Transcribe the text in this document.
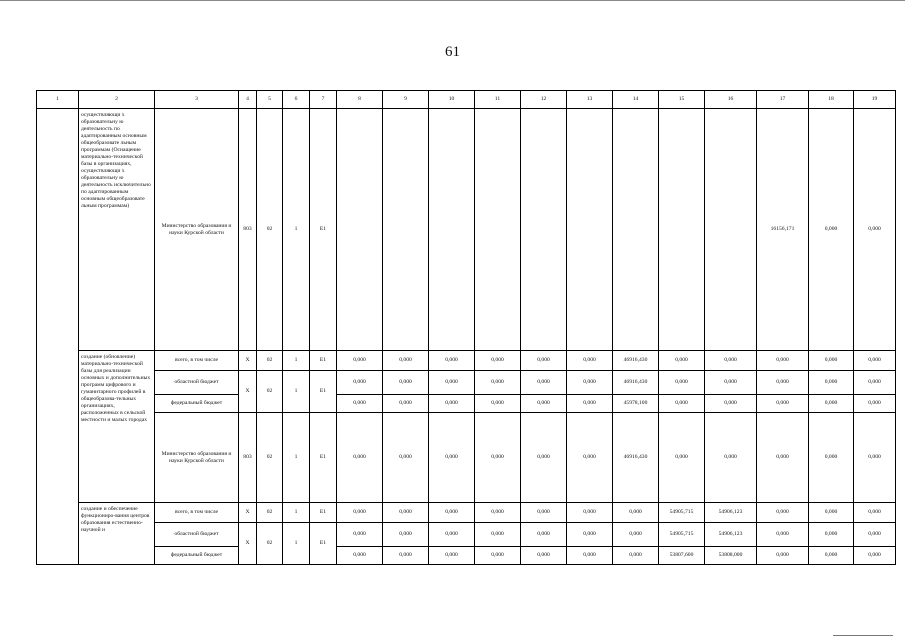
61
1	2	3	4	5	6	7	8	9	10	11	12	13	14	15	16	17	18	19
	осуществляющи х образовательну ю деятельность по адаптированным основным общеобразовате льным программам (Оснащение материально-технической базы в организациях, осуществляющи х образовательну ю деятельность исключительно по адаптированным основным общеобразовате льным программам)	Министерство образования и науки Курской области	803	02	1	Е1										16156,171	0,000	0,000
	создание (обновление) материально-технической базы для реализации основных и дополнительных программ цифрового и гуманитарного профилей в общеобразова-тельных организациях, расположенных в сельской местности и малых городах	всего, в том числе	Х	02	1	Е1	0,000	0,000	0,000	0,000	0,000	0,000	46916,430	0,000	0,000	0,000	0,000	0,000
		областной бюджет	Х	02	1	Е1	0,000	0,000	0,000	0,000	0,000	0,000	46916,430	0,000	0,000	0,000	0,000	0,000
		федеральный бюджет					0,000	0,000	0,000	0,000	0,000	0,000	45978,100	0,000	0,000	0,000	0,000	0,000
		Министерство образования и науки Курской области	803	02	1	Е1	0,000	0,000	0,000	0,000	0,000	0,000	46916,430	0,000	0,000	0,000	0,000	0,000
	создание и обеспечение функциониро-вания центров образования естественно-научной и	всего, в том числе	Х	02	1	Е1	0,000	0,000	0,000	0,000	0,000	0,000	0,000	54905,715	54906,123	0,000	0,000	0,000
		областной бюджет	Х	02	1	Е1	0,000	0,000	0,000	0,000	0,000	0,000	0,000	54905,715	54906,123	0,000	0,000	0,000
		федеральный бюджет					0,000	0,000	0,000	0,000	0,000	0,000	0,000	53807,600	53808,000	0,000	0,000	0,000
